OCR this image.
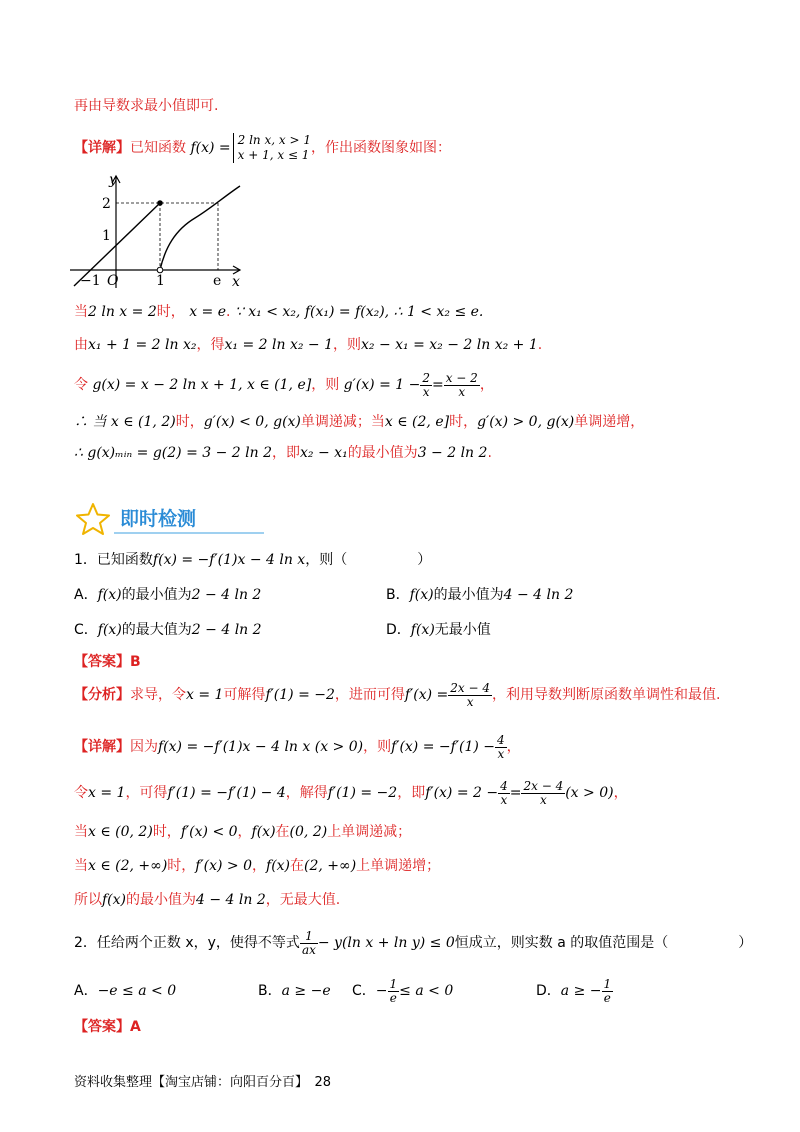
再由导数求最小值即可.
【详解】已知函数 f(x) = 2 ln x, x > 1
x + 1, x ≤ 1 ，作出函数图象如图：
y
x
O
2
1
−1	1	e
当2 ln x = 2时， x = e. ∵ x₁ < x₂, f(x₁) = f(x₂), ∴ 1 < x₂ ≤ e.
由x₁ + 1 = 2 ln x₂，得x₁ = 2 ln x₂ − 1，则x₂ − x₁ = x₂ − 2 ln x₂ + 1.
令 g(x) = x − 2 ln x + 1, x ∈ (1, e]，则 $g'(x) = 1 - \frac{2}{x} = \frac{x - 2}{x}$ ，
∴ 当 x ∈ (1, 2)时，g′(x) < 0, g(x)单调递减；当x ∈ (2, e]时，g′(x) > 0, g(x)单调递增，
∴ g(x)ₘᵢₙ = g(2) = 3 − 2 ln 2，即x₂ − x₁的最小值为3 − 2 ln 2.
即时检测
1．已知函数f(x) = −f′(1)x − 4 ln x，则（　　　　　）
A．f(x)的最小值为2 − 4 ln 2	B．f(x)的最小值为4 − 4 ln 2
C．f(x)的最大值为2 − 4 ln 2	D．f(x)无最小值
【答案】B
【分析】求导，令x = 1可解得f′(1) = −2，进而可得$f'(x) = \frac{2x - 4}{x}$ ，利用导数判断原函数单调性和最值.
【详解】因为f(x) = −f′(1)x − 4 ln x (x > 0)，则$f'(x) = -f'(1) - \frac{4}{x}$ ，
令x = 1，可得f′(1) = −f′(1) − 4，解得f′(1) = −2，即$f'(x) = 2 - \frac{4}{x} = \frac{2x - 4}{x} (x > 0)$，
当x ∈ (0, 2)时，f′(x) < 0，f(x)在(0, 2)上单调递减；
当x ∈ (2, +∞)时，f′(x) > 0，f(x)在(2, +∞)上单调递增；
所以f(x)的最小值为4 − 4 ln 2，无最大值.
2．任给两个正数 x，y，使得不等式 $\frac{1}{ax} - y(\ln$ x + ln y) ≤ 0恒成立，则实数 a 的取值范围是（　　　　　）
A．−e ≤ a < 0	B．a ≥ −e C．− $\frac{1}{e} \le a < 0$	D．a ≥ − $\frac{1}{e}$
【答案】A
资料收集整理【淘宝店铺：向阳百分百】　28
